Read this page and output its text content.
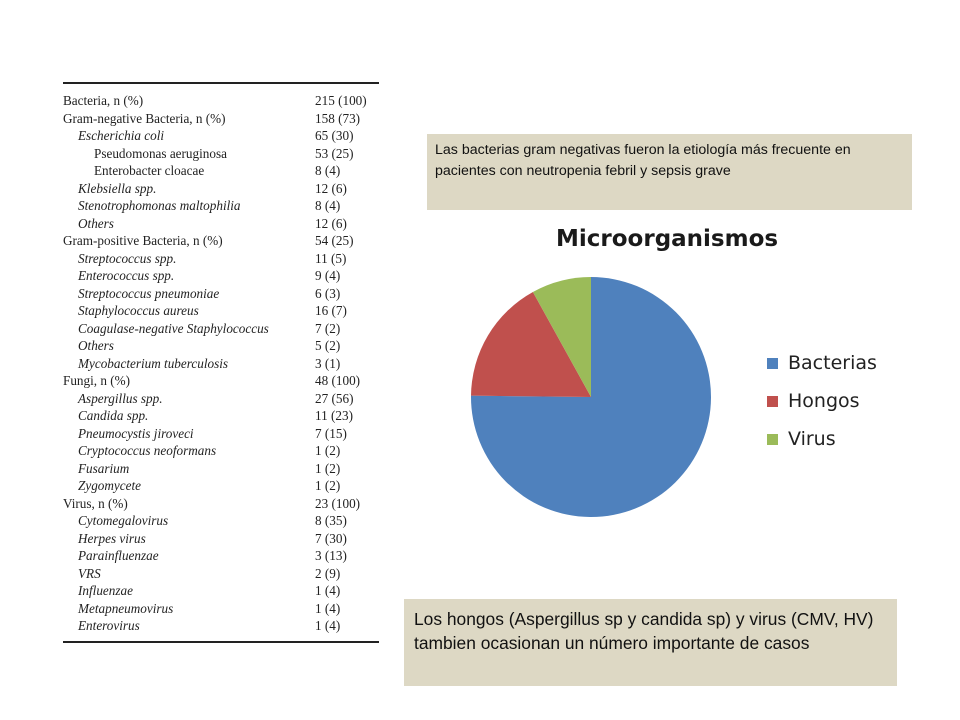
Bacteria, n (%)	215 (100)
Gram-negative Bacteria, n (%)	158 (73)
Escherichia coli	65 (30)
Pseudomonas aeruginosa	53 (25)
Enterobacter cloacae	8 (4)
Klebsiella spp.	12 (6)
Stenotrophomonas maltophilia	8 (4)
Others	12 (6)
Gram-positive Bacteria, n (%)	54 (25)
Streptococcus spp.	11 (5)
Enterococcus spp.	9 (4)
Streptococcus pneumoniae	6 (3)
Staphylococcus aureus	16 (7)
Coagulase-negative Staphylococcus	7 (2)
Others	5 (2)
Mycobacterium tuberculosis	3 (1)
Fungi, n (%)	48 (100)
Aspergillus spp.	27 (56)
Candida spp.	11 (23)
Pneumocystis jiroveci	7 (15)
Cryptococcus neoformans	1 (2)
Fusarium	1 (2)
Zygomycete	1 (2)
Virus, n (%)	23 (100)
Cytomegalovirus	8 (35)
Herpes virus	7 (30)
Parainfluenzae	3 (13)
VRS	2 (9)
Influenzae	1 (4)
Metapneumovirus	1 (4)
Enterovirus	1 (4)
Las bacterias gram negativas fueron la etiología más frecuente en pacientes con neutropenia febril y sepsis grave
Microorganismos
Bacterias
Hongos
Virus
Los hongos (Aspergillus sp y candida sp) y virus (CMV, HV) tambien ocasionan un número importante de casos
